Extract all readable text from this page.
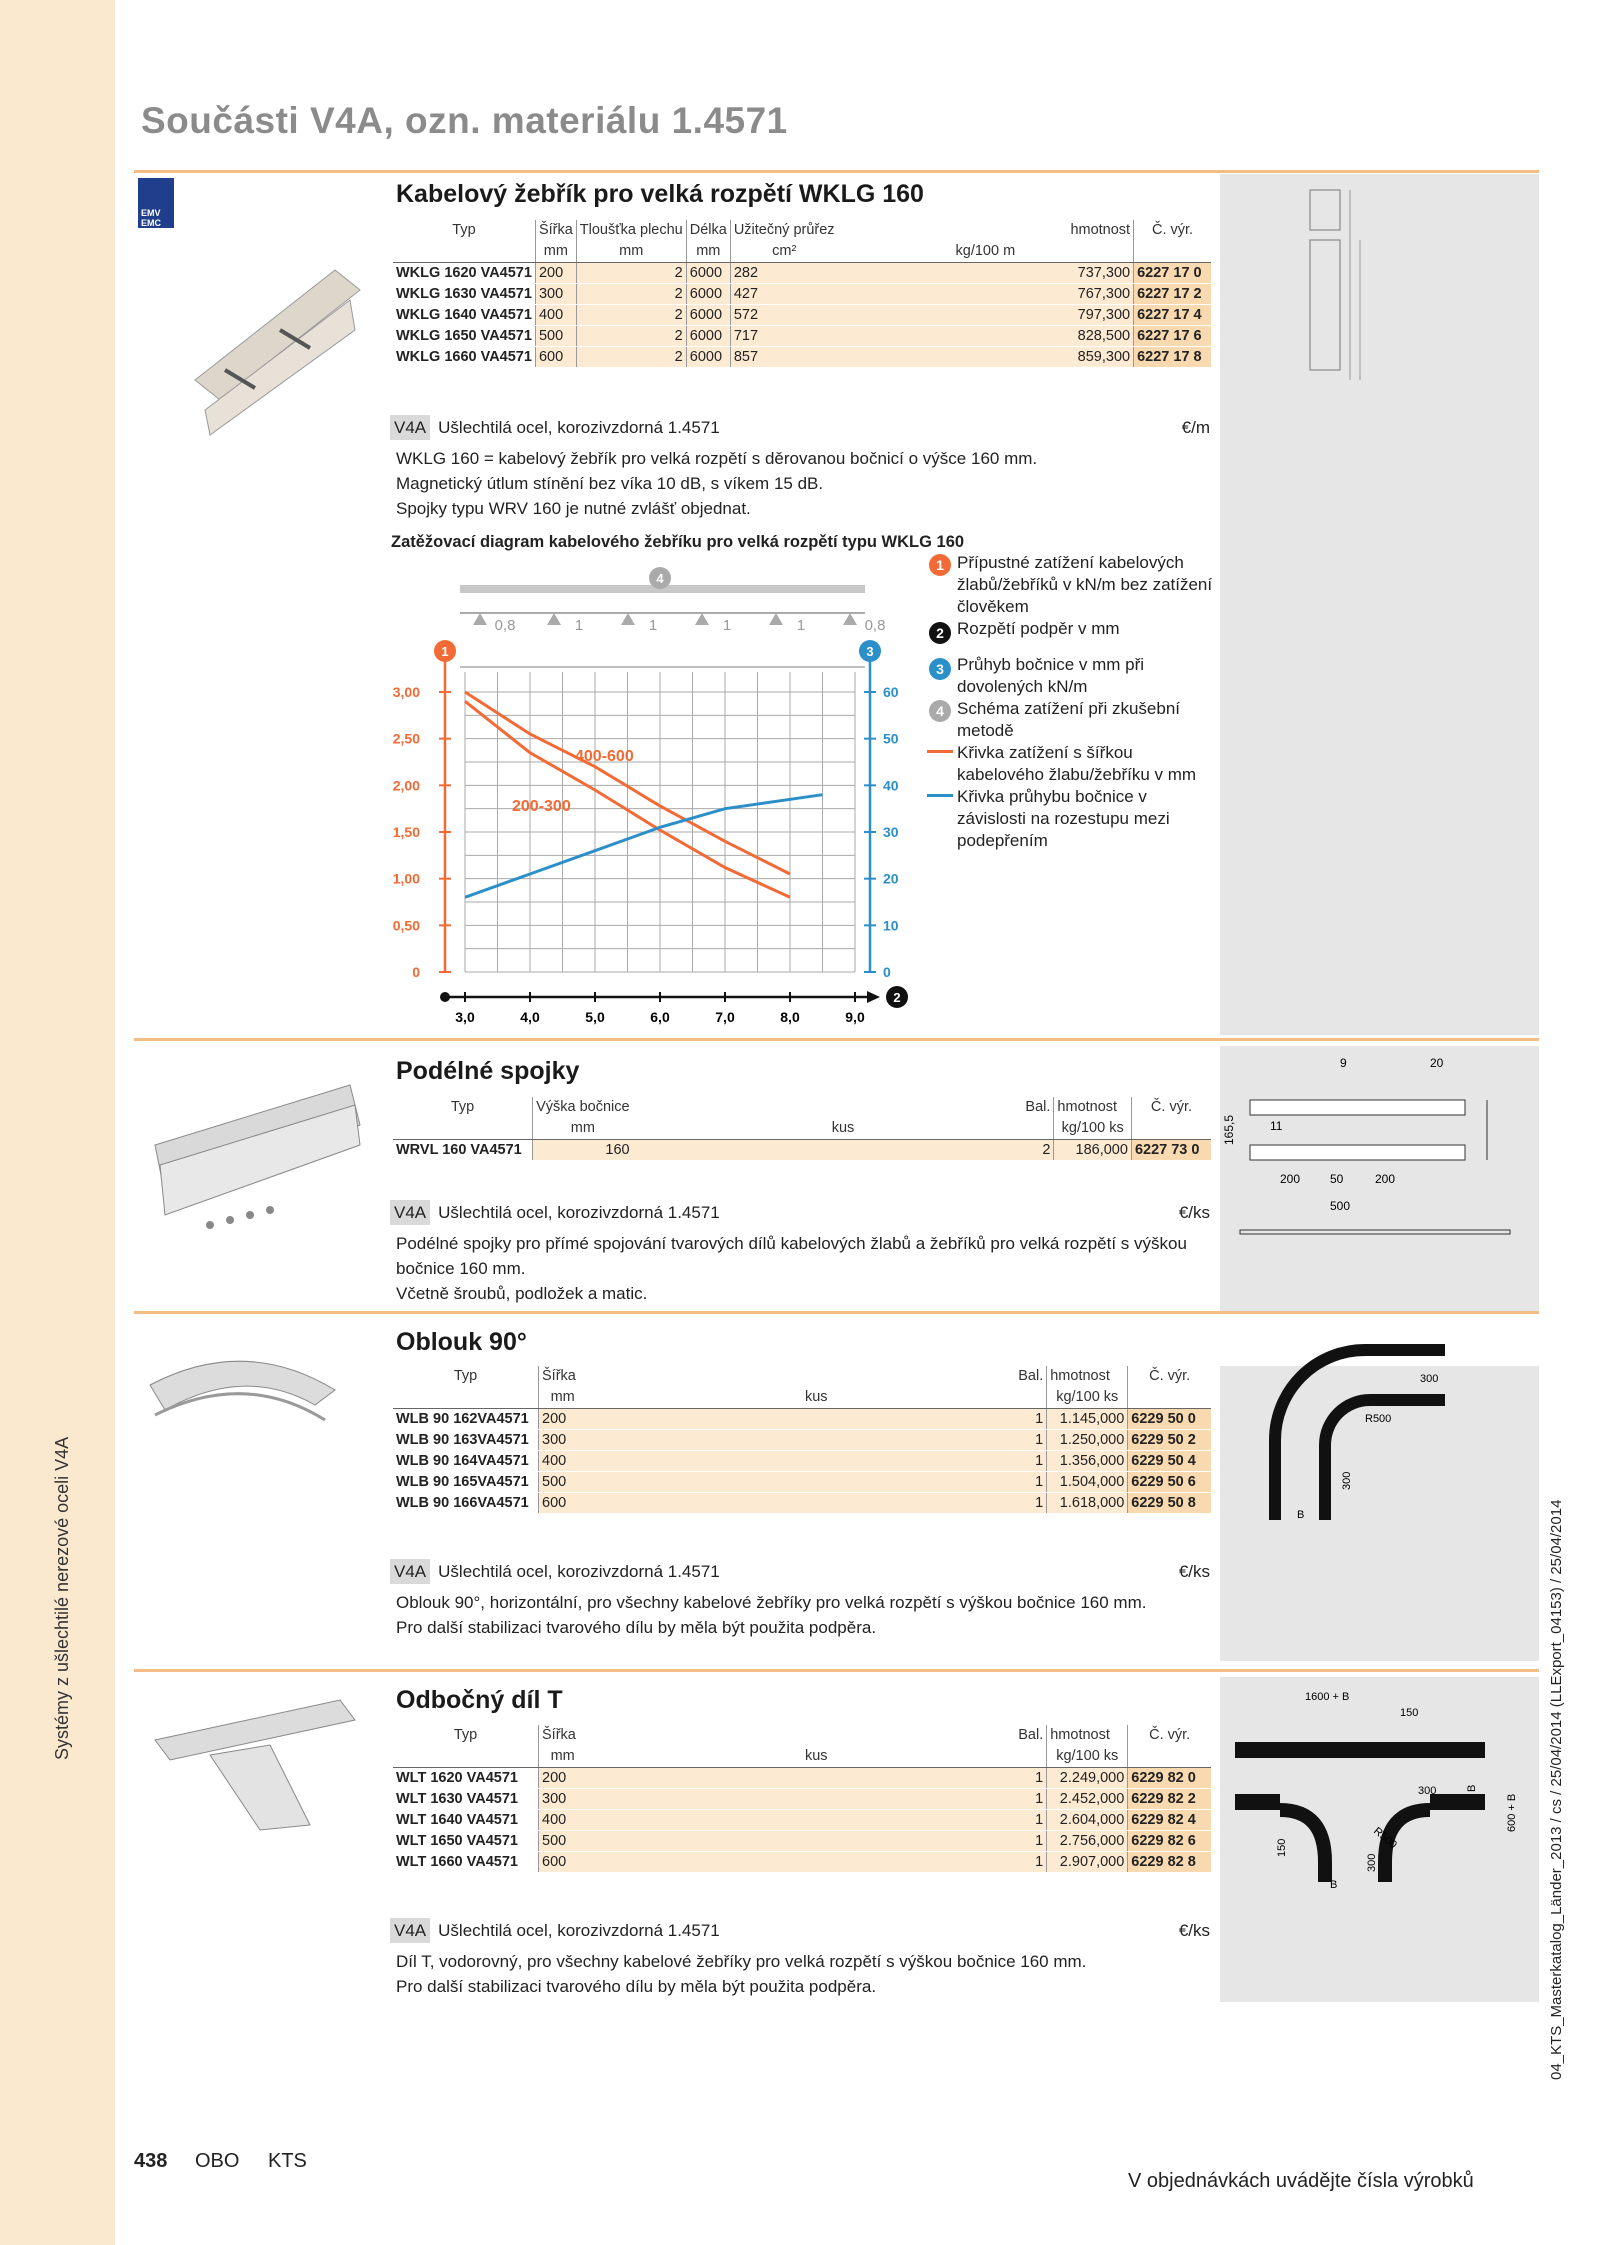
Systémy z ušlechtilé nerezové oceli V4A	04_KTS_Masterkatalog_Länder_2013 / cs / 25/04/2014 (LLExport_04153) / 25/04/2014
Součásti V4A, ozn. materiálu 1.4571
EMV EMC
Kabelový žebřík pro velká rozpětí WKLG 160
Typ	Šířka	Tloušťka plechu	Délka	Užitečný průřez	hmotnost	Č. výr.
	mm	mm	mm	cm²	kg/100 m	
WKLG 1620 VA4571	200	2	6000	282	737,300	6227 17 0
WKLG 1630 VA4571	300	2	6000	427	767,300	6227 17 2
WKLG 1640 VA4571	400	2	6000	572	797,300	6227 17 4
WKLG 1650 VA4571	500	2	6000	717	828,500	6227 17 6
WKLG 1660 VA4571	600	2	6000	857	859,300	6227 17 8
V4A Ušlechtilá ocel, korozivzdorná 1.4571	€/m

WKLG 160 = kabelový žebřík pro velká rozpětí s děrovanou bočnicí o výšce 160 mm.

Magnetický útlum stínění bez víka 10 dB, s víkem 15 dB.

Spojky typu WRV 160 je nutné zvlášť objednat.

Zatěžovací diagram kabelového žebříku pro velká rozpětí typu WKLG 160
3,0	4,0	5,0	6,0	7,0	8,0	9,0
0
0,50
1,00
1,50
2,00
2,50
3,00
0
10
20
30
40
50
60
0,8	1	1	1	1	0,8
1
2
3
4
400-600
200-300
1 Přípustné zatížení kabelových žlabů/žebříků v kN/m bez zatížení člověkem
2 Rozpětí podpěr v mm
3 Průhyb bočnice v mm při dovolených kN/m
4 Schéma zatížení při zkušební metodě
Křivka zatížení s šířkou kabelového žlabu/žebříku v mm
Křivka průhybu bočnice v závislosti na rozestupu mezi podepřením
Podélné spojky	9	20
165,5	11
200 50	200
500
Typ	Výška bočnice	Bal.	hmotnost	Č. výr.
	mm	kus	kg/100 ks	
WRVL 160 VA4571	160	2	186,000	6227 73 0
V4A Ušlechtilá ocel, korozivzdorná 1.4571	€/ks

Podélné spojky pro přímé spojování tvarových dílů kabelových žlabů a žebříků pro velká rozpětí s výškou bočnice 160 mm.

Včetně šroubů, podložek a matic.

Oblouk 90°
300
R500
300
B
Typ	Šířka	Bal.	hmotnost	Č. výr.
	mm	kus	kg/100 ks	
WLB 90 162VA4571	200	1	1.145,000	6229 50 0
WLB 90 163VA4571	300	1	1.250,000	6229 50 2
WLB 90 164VA4571	400	1	1.356,000	6229 50 4
WLB 90 165VA4571	500	1	1.504,000	6229 50 6
WLB 90 166VA4571	600	1	1.618,000	6229 50 8
V4A Ušlechtilá ocel, korozivzdorná 1.4571	€/ks

Oblouk 90°, horizontální, pro všechny kabelové žebříky pro velká rozpětí s výškou bočnice 160 mm.

Pro další stabilizaci tvarového dílu by měla být použita podpěra.

Odbočný díl T	1600 + B
150
B
R500
300
600 + B
150
300
B
Typ	Šířka	Bal.	hmotnost	Č. výr.
	mm	kus	kg/100 ks	
WLT 1620 VA4571	200	1	2.249,000	6229 82 0
WLT 1630 VA4571	300	1	2.452,000	6229 82 2
WLT 1640 VA4571	400	1	2.604,000	6229 82 4
WLT 1650 VA4571	500	1	2.756,000	6229 82 6
WLT 1660 VA4571	600	1	2.907,000	6229 82 8
V4A Ušlechtilá ocel, korozivzdorná 1.4571	€/ks

Díl T, vodorovný, pro všechny kabelové žebříky pro velká rozpětí s výškou bočnice 160 mm.

Pro další stabilizaci tvarového dílu by měla být použita podpěra.

438 OBO KTS
V objednávkách uvádějte čísla výrobků
